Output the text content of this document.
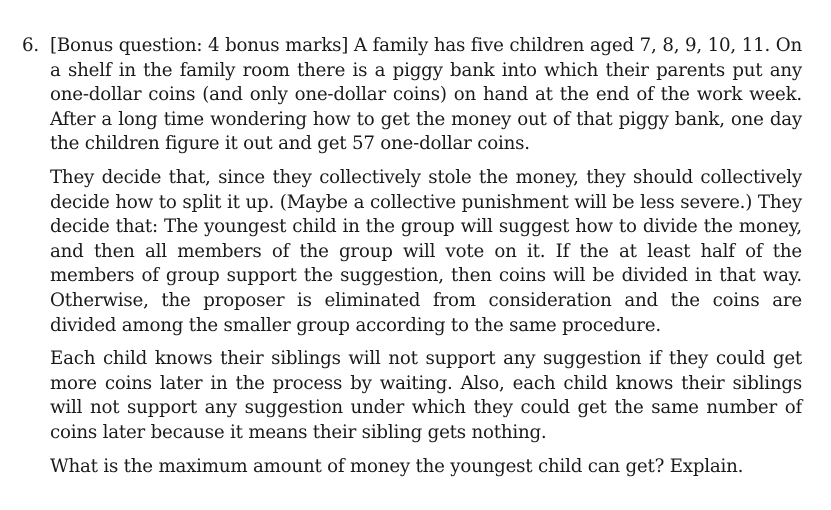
6. [Bonus question: 4 bonus marks] A family has five children aged 7, 8, 9, 10, 11. On a shelf in the family room there is a piggy bank into which their parents put any one-dollar coins (and only one-dollar coins) on hand at the end of the work week. After a long time wondering how to get the money out of that piggy bank, one day the children figure it out and get 57 one-dollar coins.

They decide that, since they collectively stole the money, they should collectively decide how to split it up. (Maybe a collective punishment will be less severe.) They decide that: The youngest child in the group will suggest how to divide the money, and then all members of the group will vote on it. If the at least half of the members of group support the suggestion, then coins will be divided in that way. Otherwise, the proposer is eliminated from consideration and the coins are divided among the smaller group according to the same procedure.

Each child knows their siblings will not support any suggestion if they could get more coins later in the process by waiting. Also, each child knows their siblings will not support any suggestion under which they could get the same number of coins later because it means their sibling gets nothing.

What is the maximum amount of money the youngest child can get? Explain.
